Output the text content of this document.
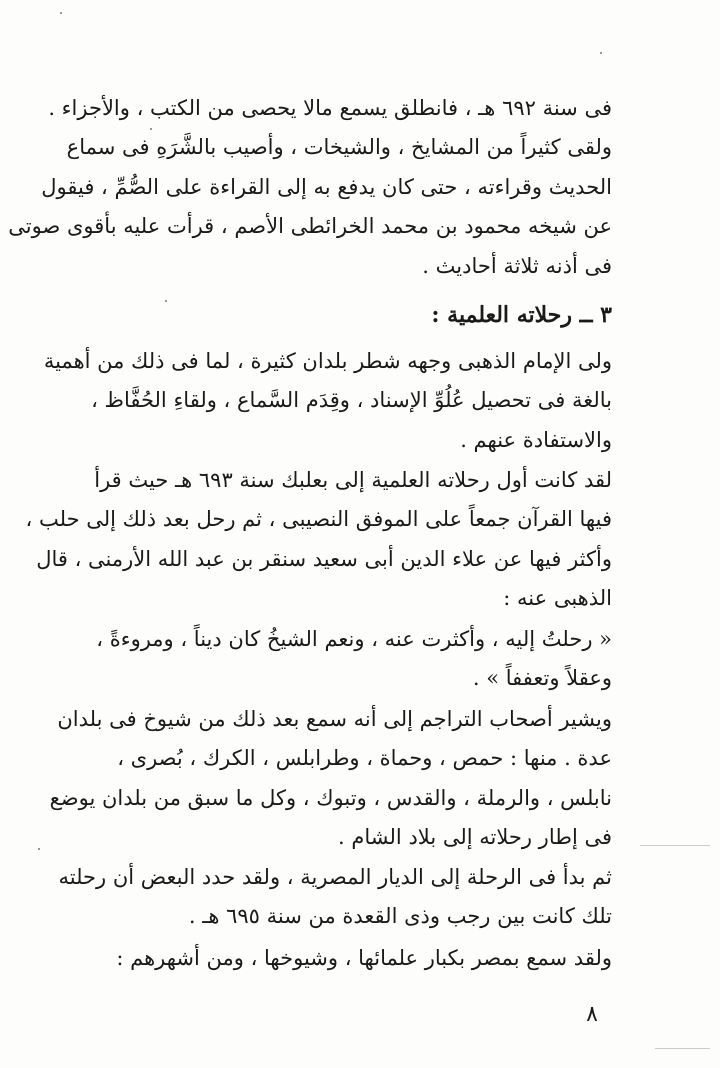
فى سنة ٦٩٢ هـ ، فانطلق يسمع مالا يحصى من الكتب ، والأجزاء .
ولقى كثيراً من المشايخ ، والشيخات ، وأصيب بالشَّرَهِ فى سماع
الحديث وقراءته ، حتى كان يدفع به إلى القراءة على الصُّمِّ ، فيقول
عن شيخه محمود بن محمد الخرائطى الأصم ، قرأت عليه بأقوى صوتى
فى أذنه ثلاثة أحاديث .
٣ ــ رحلاته العلمية :
ولى الإمام الذهبى وجهه شطر بلدان كثيرة ، لما فى ذلك من أهمية
بالغة فى تحصيل عُلُوِّ الإسناد ، وقِدَم السَّماع ، ولقاءِ الحُفَّاظ ،
والاستفادة عنهم .
لقد كانت أول رحلاته العلمية إلى بعلبك سنة ٦٩٣ هـ حيث قرأ
فيها القرآن جمعاً على الموفق النصيبى ، ثم رحل بعد ذلك إلى حلب ،
وأكثر فيها عن علاء الدين أبى سعيد سنقر بن عبد الله الأرمنى ، قال
الذهبى عنه :
« رحلتُ إليه ، وأكثرت عنه ، ونعم الشيخُ كان ديناً ، ومروءةً ،
وعقلاً وتعففاً » .
ويشير أصحاب التراجم إلى أنه سمع بعد ذلك من شيوخ فى بلدان
عدة . منها : حمص ، وحماة ، وطرابلس ، الكرك ، بُصرى ،
نابلس ، والرملة ، والقدس ، وتبوك ، وكل ما سبق من بلدان يوضع
فى إطار رحلاته إلى بلاد الشام .
ثم بدأ فى الرحلة إلى الديار المصرية ، ولقد حدد البعض أن رحلته
تلك كانت بين رجب وذى القعدة من سنة ٦٩٥ هـ .
ولقد سمع بمصر بكبار علمائها ، وشيوخها ، ومن أشهرهم :
٨
